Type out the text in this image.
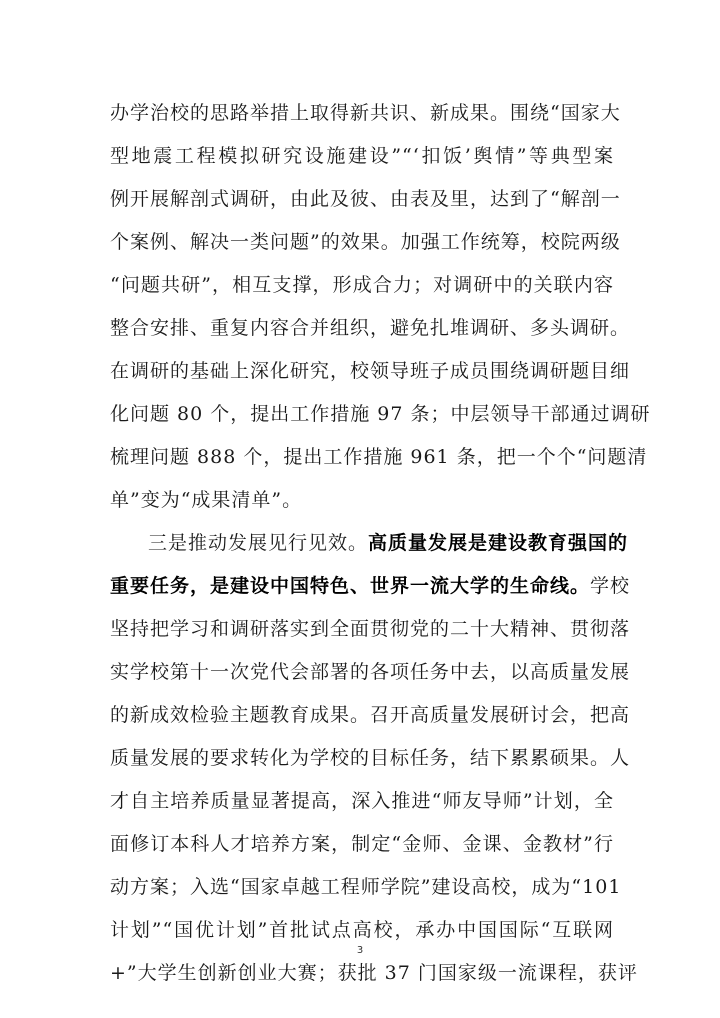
办学治校的思路举措上取得新共识、新成果。围绕“国家大
型地震工程模拟研究设施建设”“‘扣饭’舆情”等典型案
例开展解剖式调研，由此及彼、由表及里，达到了“解剖一
个案例、解决一类问题”的效果。加强工作统筹，校院两级
“问题共研”，相互支撑，形成合力；对调研中的关联内容
整合安排、重复内容合并组织，避免扎堆调研、多头调研。
在调研的基础上深化研究，校领导班子成员围绕调研题目细
化问题 80 个，提出工作措施 97 条；中层领导干部通过调研
梳理问题 888 个，提出工作措施 961 条，把一个个“问题清
单”变为“成果清单”。
三是推动发展见行见效。高质量发展是建设教育强国的
重要任务，是建设中国特色、世界一流大学的生命线。学校
坚持把学习和调研落实到全面贯彻党的二十大精神、贯彻落
实学校第十一次党代会部署的各项任务中去，以高质量发展
的新成效检验主题教育成果。召开高质量发展研讨会，把高
质量发展的要求转化为学校的目标任务，结下累累硕果。人
才自主培养质量显著提高，深入推进“师友导师”计划，全
面修订本科人才培养方案，制定“金师、金课、金教材”行
动方案；入选“国家卓越工程师学院”建设高校，成为“101
计划”“国优计划”首批试点高校，承办中国国际“互联网
+”大学生创新创业大赛；获批 37 门国家级一流课程，获评
3
